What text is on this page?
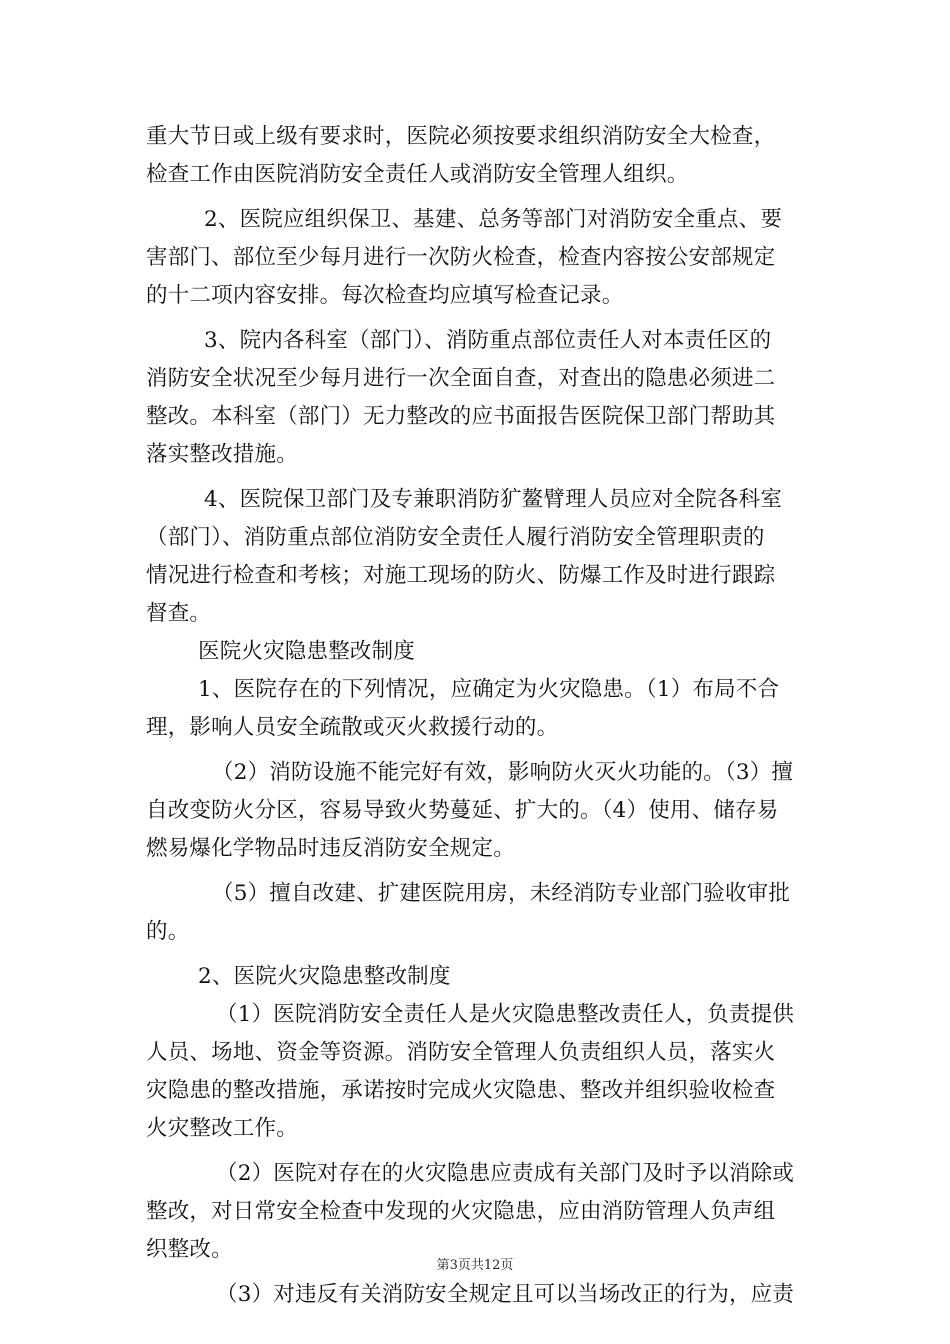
重大节日或上级有要求时，医院必须按要求组织消防安全大检查，
检查工作由医院消防安全责任人或消防安全管理人组织。
2、医院应组织保卫、基建、总务等部门对消防安全重点、要
害部门、部位至少每月进行一次防火检查，检查内容按公安部规定
的十二项内容安排。每次检查均应填写检查记录。
3、院内各科室（部门）、消防重点部位责任人对本责任区的
消防安全状况至少每月进行一次全面自查，对查出的隐患必须进二
整改。本科室（部门）无力整改的应书面报告医院保卫部门帮助其
落实整改措施。
4、医院保卫部门及专兼职消防犷鳌臂理人员应对全院各科室
（部门）、消防重点部位消防安全责任人履行消防安全管理职责的
情况进行检查和考核；对施工现场的防火、防爆工作及时进行跟踪
督查。
医院火灾隐患整改制度
1、医院存在的下列情况，应确定为火灾隐患。（1）布局不合
理，影响人员安全疏散或灭火救援行动的。
（2）消防设施不能完好有效，影响防火灭火功能的。（3）擅
自改变防火分区，容易导致火势蔓延、扩大的。（4）使用、储存易
燃易爆化学物品时违反消防安全规定。
（5）擅自改建、扩建医院用房，未经消防专业部门验收审批
的。
2、医院火灾隐患整改制度
（1）医院消防安全责任人是火灾隐患整改责任人，负责提供
人员、场地、资金等资源。消防安全管理人负责组织人员，落实火
灾隐患的整改措施，承诺按时完成火灾隐患、整改并组织验收检查
火灾整改工作。
（2）医院对存在的火灾隐患应责成有关部门及时予以消除或
整改，对日常安全检查中发现的火灾隐患，应由消防管理人负声组
织整改。
（3）对违反有关消防安全规定且可以当场改正的行为，应责
第3页共12页
